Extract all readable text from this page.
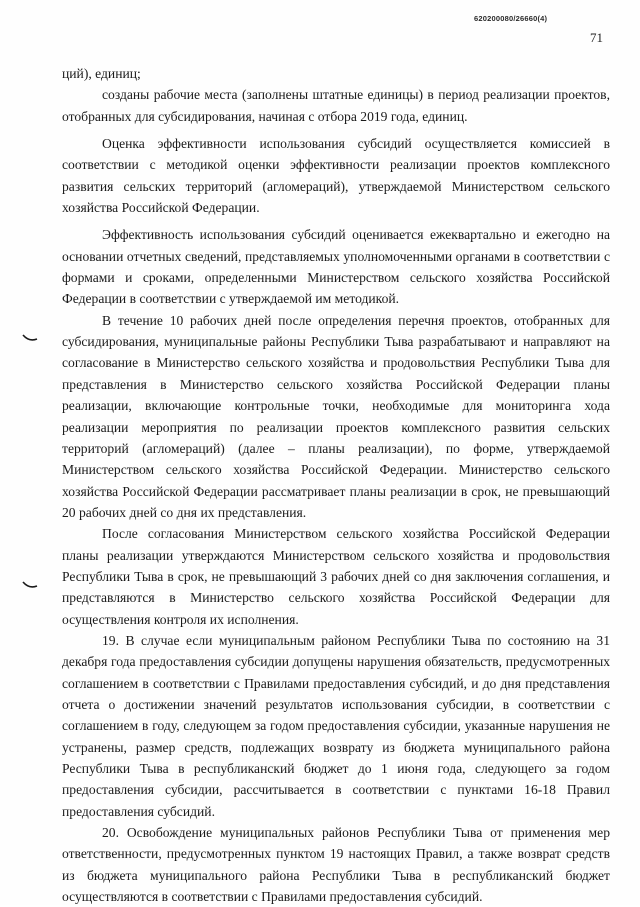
620200080/26660(4)
71

ций), единиц;

созданы рабочие места (заполнены штатные единицы) в период реализации проектов, отобранных для субсидирования, начиная с отбора 2019 года, единиц.

Оценка эффективности использования субсидий осуществляется комиссией в соответствии с методикой оценки эффективности реализации проектов комплексного развития сельских территорий (агломераций), утверждаемой Министерством сельского хозяйства Российской Федерации.

Эффективность использования субсидий оценивается ежеквартально и ежегодно на основании отчетных сведений, представляемых уполномоченными органами в соответствии с формами и сроками, определенными Министерством сельского хозяйства Российской Федерации в соответствии с утверждаемой им методикой.

В течение 10 рабочих дней после определения перечня проектов, отобранных для субсидирования, муниципальные районы Республики Тыва разрабатывают и направляют на согласование в Министерство сельского хозяйства и продовольствия Республики Тыва для представления в Министерство сельского хозяйства Российской Федерации планы реализации, включающие контрольные точки, необходимые для мониторинга хода реализации мероприятия по реализации проектов комплексного развития сельских территорий (агломераций) (далее – планы реализации), по форме, утверждаемой Министерством сельского хозяйства Российской Федерации. Министерство сельского хозяйства Российской Федерации рассматривает планы реализации в срок, не превышающий 20 рабочих дней со дня их представления.

После согласования Министерством сельского хозяйства Российской Федерации планы реализации утверждаются Министерством сельского хозяйства и продовольствия Республики Тыва в срок, не превышающий 3 рабочих дней со дня заключения соглашения, и представляются в Министерство сельского хозяйства Российской Федерации для осуществления контроля их исполнения.

19. В случае если муниципальным районом Республики Тыва по состоянию на 31 декабря года предоставления субсидии допущены нарушения обязательств, предусмотренных соглашением в соответствии с Правилами предоставления субсидий, и до дня представления отчета о достижении значений результатов использования субсидии, в соответствии с соглашением в году, следующем за годом предоставления субсидии, указанные нарушения не устранены, размер средств, подлежащих возврату из бюджета муниципального района Республики Тыва в республиканский бюджет до 1 июня года, следующего за годом предоставления субсидии, рассчитывается в соответствии с пунктами 16-18 Правил предоставления субсидий.

20. Освобождение муниципальных районов Республики Тыва от применения мер ответственности, предусмотренных пунктом 19 настоящих Правил, а также возврат средств из бюджета муниципального района Республики Тыва в республиканский бюджет осуществляются в соответствии с Правилами предоставления субсидий.
